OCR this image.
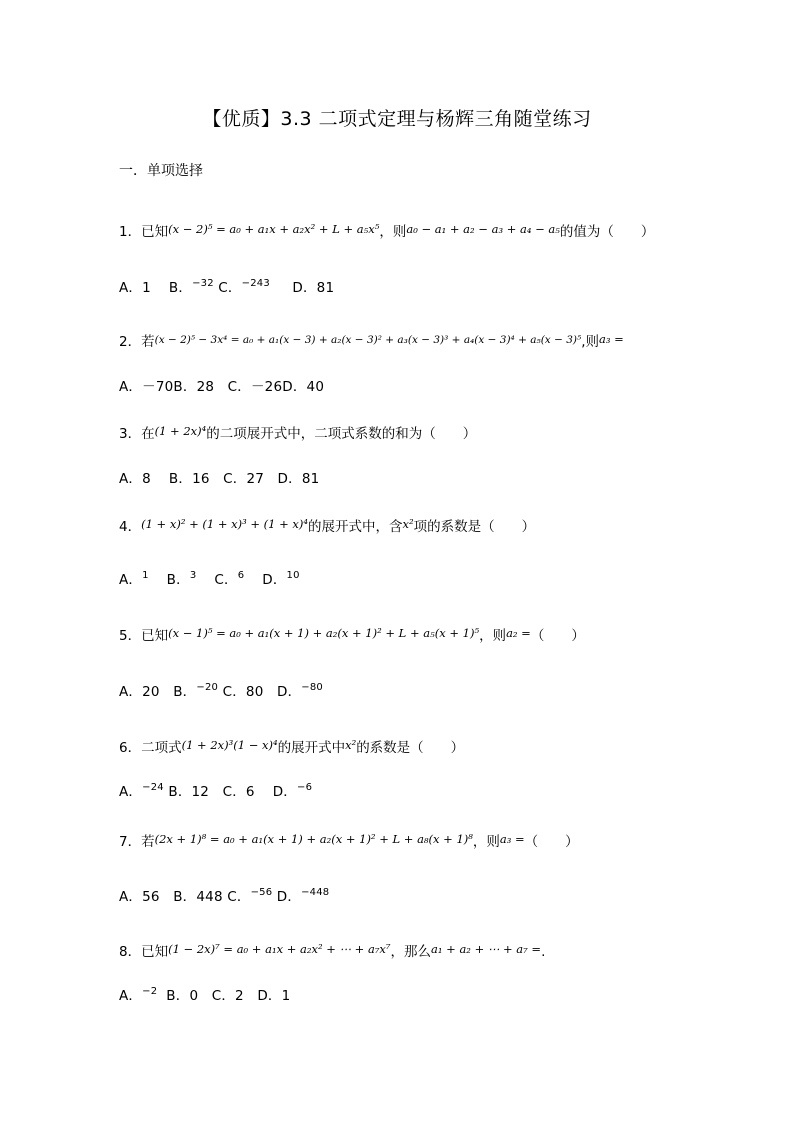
【优质】3.3 二项式定理与杨辉三角随堂练习
一．单项选择
1．已知(x − 2)⁵ = a₀ + a₁x + a₂x² + L + a₅x⁵，则a₀ − a₁ + a₂ − a₃ + a₄ − a₅的值为（　　）
A．1 B．$^{-32}$ C．$^{-243}$ D．81
2．若$^{(x - 2)^5 - 3x^4 = a_0 + a_1(x - 3) + a_2(x - 3)^2 + a_3(x - 3)^3 + a_4(x - 3)^4 + a_5(x - 3)^5}$,则a₃ =
A．－70B．28 C．－26D．40
3．在(1 + 2x)⁴的二项展开式中，二项式系数的和为（　　）
A．8 B．16 C．27 D．81
4．(1 + x)² + (1 + x)³ + (1 + x)⁴的展开式中，含x²项的系数是（　　）
A．$^1$ B．$^3$ C．$^6$ D．$^{10}$
5．已知(x − 1)⁵ = a₀ + a₁(x + 1) + a₂(x + 1)² + L + a₅(x + 1)⁵，则a₂ =（　　）
A．20 B．$^{-20}$ C．80 D．$^{-80}$
6．二项式(1 + 2x)³(1 − x)⁴的展开式中x²的系数是（　　）
A．$^{-24}$ B．12 C．6 D．$^{-6}$
7．若(2x + 1)⁸ = a₀ + a₁(x + 1) + a₂(x + 1)² + L + a₈(x + 1)⁸，则a₃ =（　　）
A．56 B．448 C．$^{-56}$ D．$^{-448}$
8．已知(1 − 2x)⁷ = a₀ + a₁x + a₂x² + ⋯ + a₇x⁷，那么a₁ + a₂ + ⋯ + a₇ =.
A．$^{-2}$ B．0 C．2 D．1
